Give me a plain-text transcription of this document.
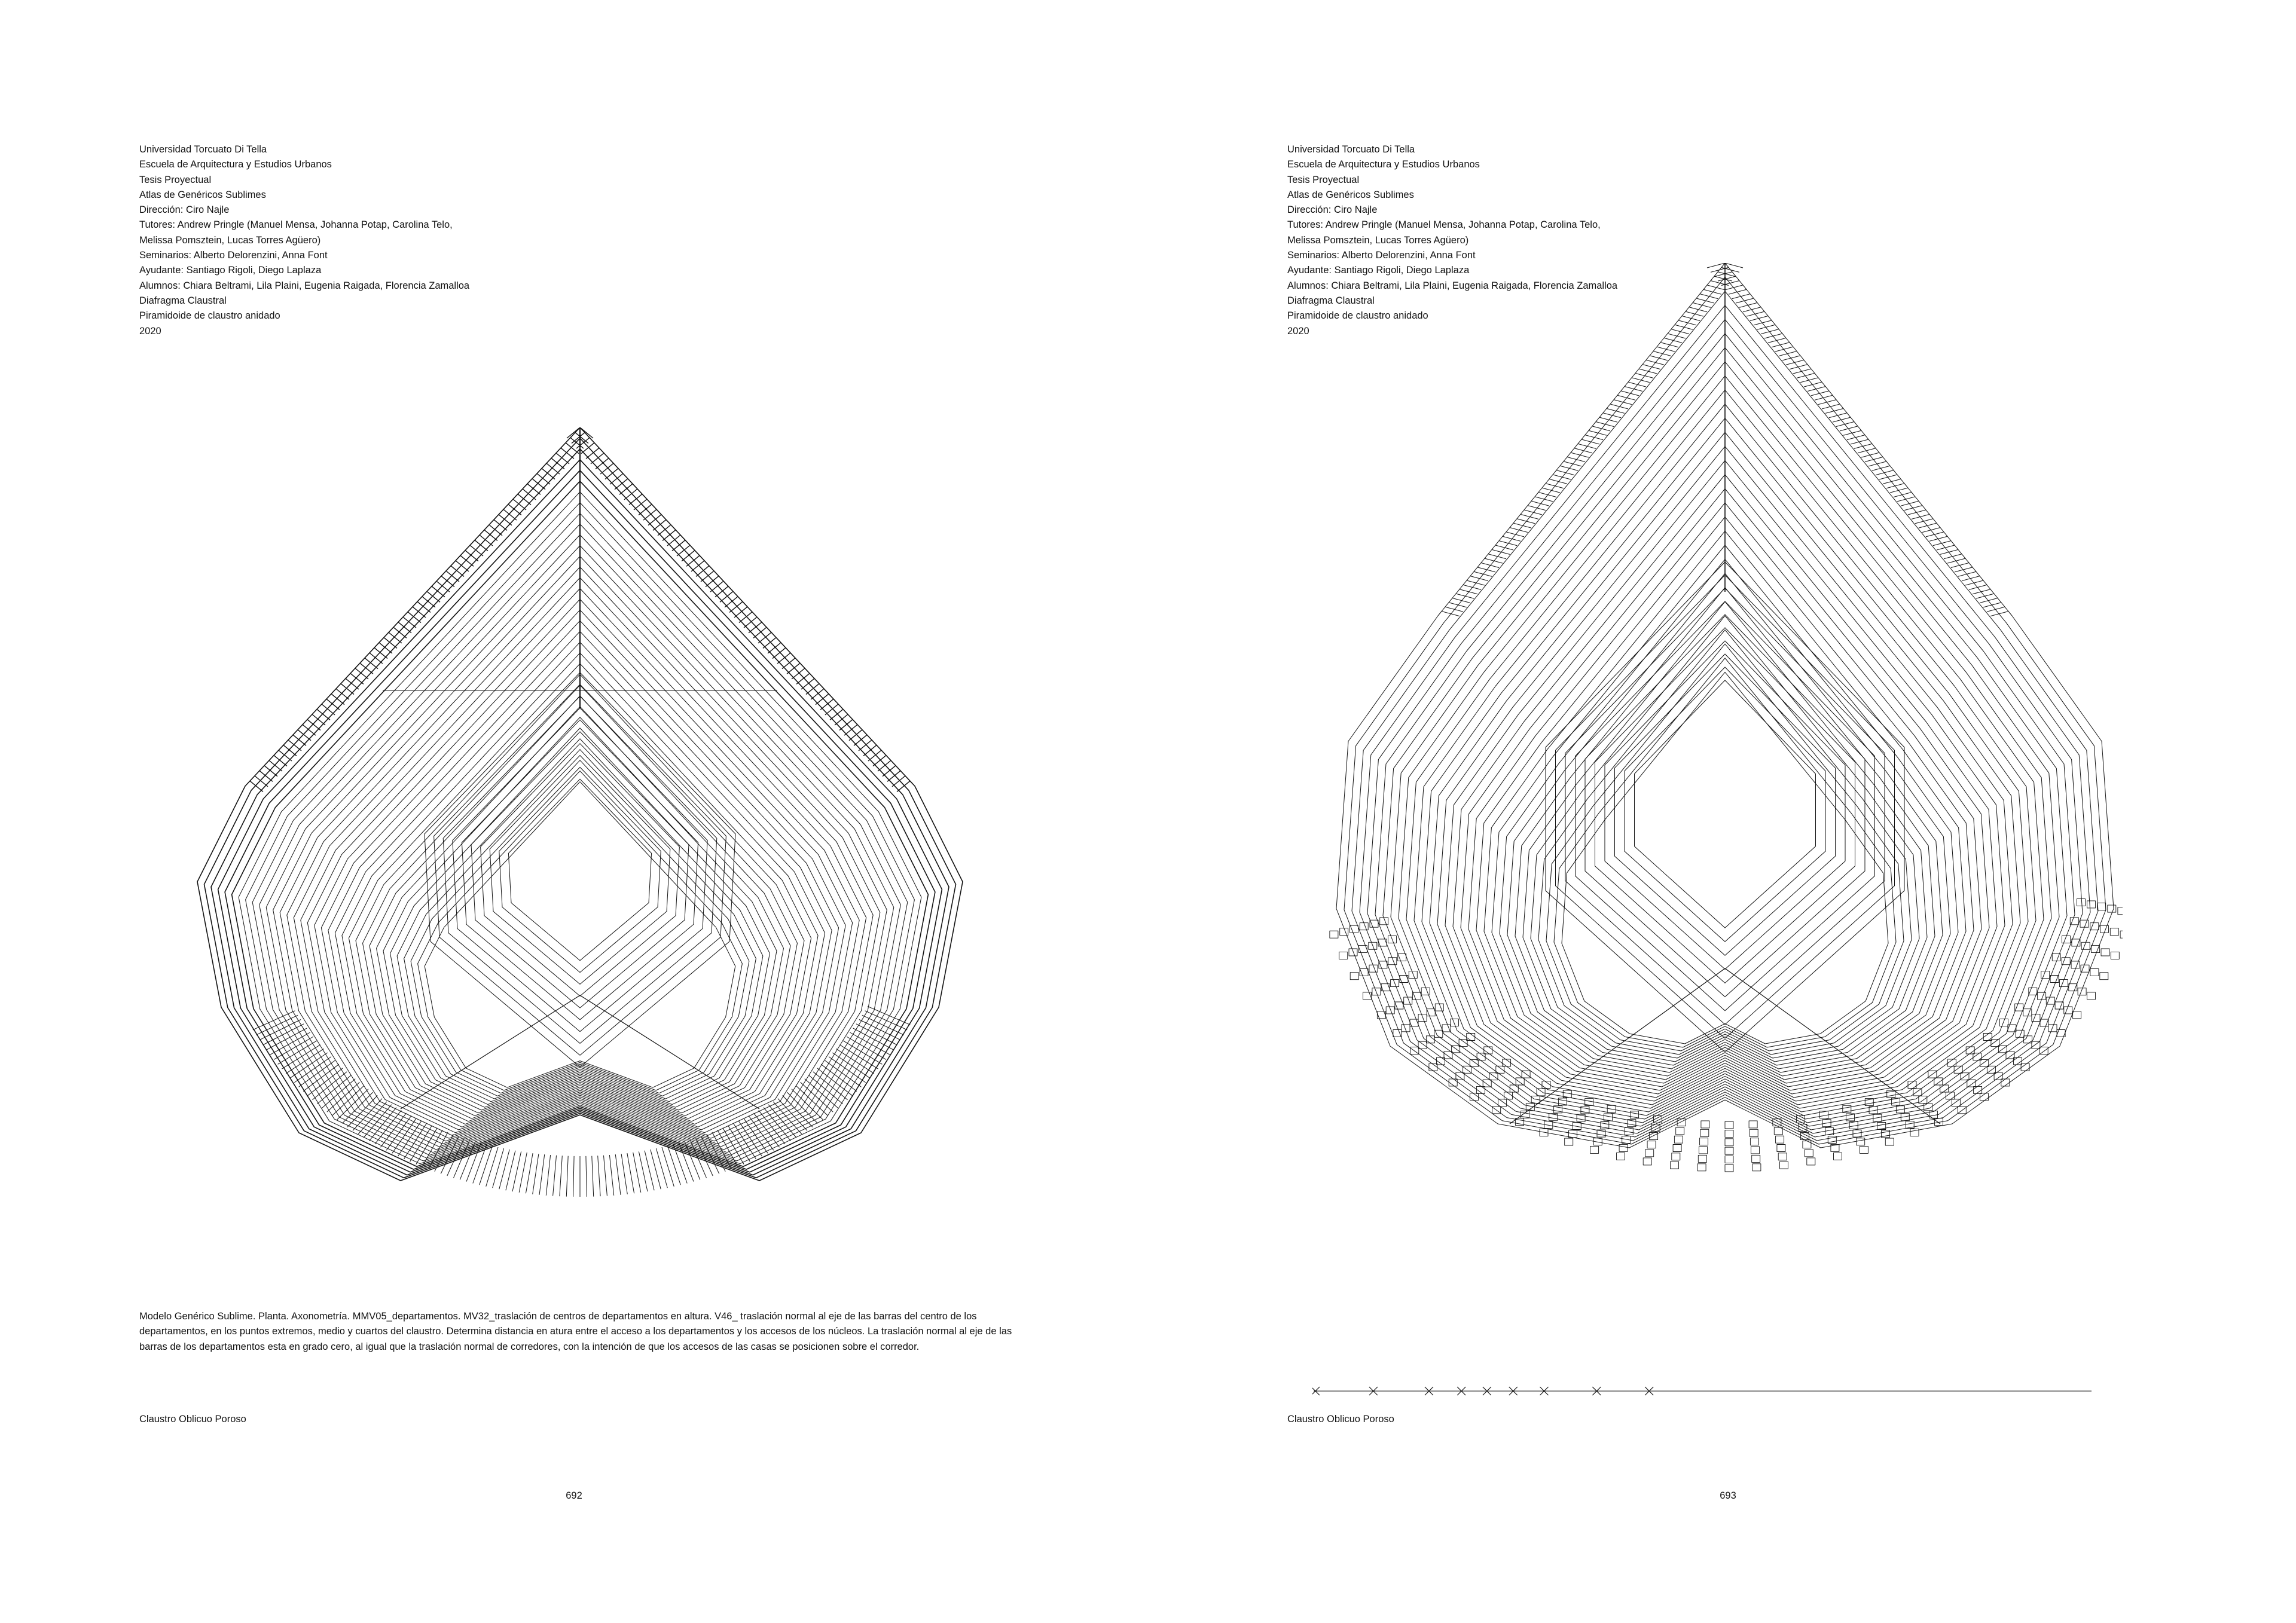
Universidad Torcuato Di Tella
Escuela de Arquitectura y Estudios Urbanos
Tesis Proyectual
Atlas de Genéricos Sublimes
Dirección: Ciro Najle
Tutores: Andrew Pringle (Manuel Mensa, Johanna Potap, Carolina Telo,
Melissa Pomsztein, Lucas Torres Agüero)
Seminarios: Alberto Delorenzini, Anna Font
Ayudante: Santiago Rigoli, Diego Laplaza
Alumnos: Chiara Beltrami, Lila Plaini, Eugenia Raigada, Florencia Zamalloa
Diafragma Claustral
Piramidoide de claustro anidado
2020
Modelo Genérico Sublime. Planta. Axonometría. MMV05_departamentos. MV32_traslación de centros de departamentos en altura. V46_ traslación normal al eje de las barras del centro de los departamentos, en los puntos extremos, medio y cuartos del claustro. Determina distancia en atura entre el acceso a los departamentos y los accesos de los núcleos. La traslación normal al eje de las barras de los departamentos esta en grado cero, al igual que la traslación normal de corredores, con la intención de que los accesos de las casas se posicionen sobre el corredor.
Claustro Oblicuo Poroso
692
Universidad Torcuato Di Tella
Escuela de Arquitectura y Estudios Urbanos
Tesis Proyectual
Atlas de Genéricos Sublimes
Dirección: Ciro Najle
Tutores: Andrew Pringle (Manuel Mensa, Johanna Potap, Carolina Telo,
Melissa Pomsztein, Lucas Torres Agüero)
Seminarios: Alberto Delorenzini, Anna Font
Ayudante: Santiago Rigoli, Diego Laplaza
Alumnos: Chiara Beltrami, Lila Plaini, Eugenia Raigada, Florencia Zamalloa
Diafragma Claustral
Piramidoide de claustro anidado
2020
Claustro Oblicuo Poroso
693
